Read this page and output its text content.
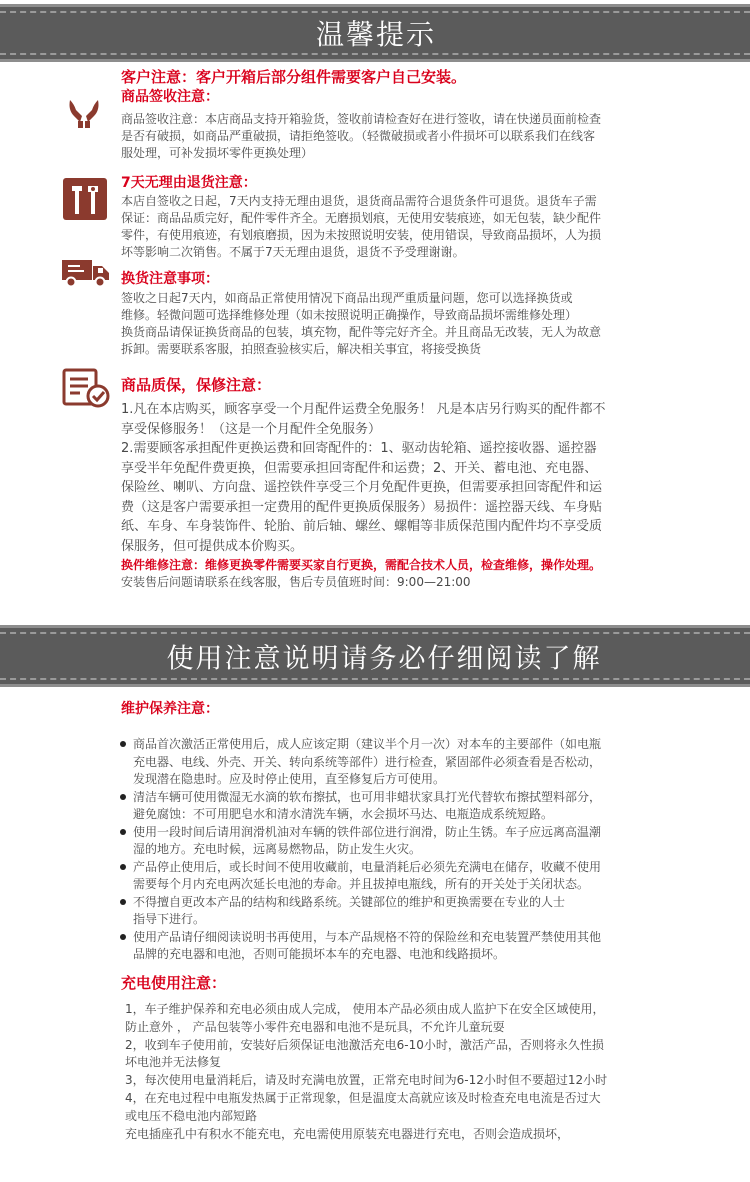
温馨提示
客户注意：客户开箱后部分组件需要客户自己安装。
商品签收注意：
商品签收注意：本店商品支持开箱验货，签收前请检查好在进行签收，请在快递员面前检查
是否有破损，如商品严重破损，请拒绝签收。（轻微破损或者小件损坏可以联系我们在线客
服处理，可补发损坏零件更换处理）
7天无理由退货注意：
本店自签收之日起，7天内支持无理由退货，退货商品需符合退货条件可退货。退货车子需
保证：商品品质完好，配件零件齐全。无磨损划痕，无使用安装痕迹，如无包装，缺少配件
零件，有使用痕迹，有划痕磨损，因为未按照说明安装，使用错误，导致商品损坏，人为损
坏等影响二次销售。不属于7天无理由退货，退货不予受理谢谢。
换货注意事项：
签收之日起7天内，如商品正常使用情况下商品出现严重质量问题，您可以选择换货或
维修。轻微问题可选择维修处理（如未按照说明正确操作，导致商品损坏需维修处理）
换货商品请保证换货商品的包装，填充物，配件等完好齐全。并且商品无改装，无人为故意
拆卸。需要联系客服，拍照查验核实后，解决相关事宜，将接受换货
商品质保，保修注意：
1.凡在本店购买，顾客享受一个月配件运费全免服务！ 凡是本店另行购买的配件都不
享受保修服务！（这是一个月配件全免服务）
2.需要顾客承担配件更换运费和回寄配件的：1、驱动齿轮箱、遥控接收器、遥控器
享受半年免配件费更换，但需要承担回寄配件和运费；2、开关、蓄电池、充电器、
保险丝、喇叭、方向盘、遥控铁件享受三个月免配件更换，但需要承担回寄配件和运
费（这是客户需要承担一定费用的配件更换质保服务）易损件：遥控器天线、车身贴
纸、车身、车身装饰件、轮胎、前后轴、螺丝、螺帽等非质保范围内配件均不享受质
保服务，但可提供成本价购买。
换件维修注意：维修更换零件需要买家自行更换，需配合技术人员，检查维修，操作处理。
安装售后问题请联系在线客服，售后专员值班时间：9:00—21:00
使用注意说明请务必仔细阅读了解
维护保养注意：
商品首次激活正常使用后，成人应该定期（建议半个月一次）对本车的主要部件（如电瓶
充电器、电线、外壳、开关、转向系统等部件）进行检查，紧固部件必须查看是否松动，
发现潜在隐患时。应及时停止使用，直至修复后方可使用。
清洁车辆可使用微湿无水滴的软布擦拭，也可用非蜡状家具打光代替软布擦拭塑料部分，
避免腐蚀：不可用肥皂水和清水清洗车辆，水会损坏马达、电瓶造成系统短路。
使用一段时间后请用润滑机油对车辆的铁件部位进行润滑，防止生锈。车子应远离高温潮
湿的地方。充电时候，远离易燃物品，防止发生火灾。
产品停止使用后，或长时间不使用收藏前，电量消耗后必须先充满电在储存，收藏不使用
需要每个月内充电两次延长电池的寿命。并且拔掉电瓶线，所有的开关处于关闭状态。
不得擅自更改本产品的结构和线路系统。关键部位的维护和更换需要在专业的人士
指导下进行。
使用产品请仔细阅读说明书再使用，与本产品规格不符的保险丝和充电装置严禁使用其他
品牌的充电器和电池，否则可能损坏本车的充电器、电池和线路损坏。
充电使用注意：
1，车子维护保养和充电必须由成人完成， 使用本产品必须由成人监护下在安全区域使用，
防止意外 ， 产品包装等小零件充电器和电池不是玩具，不允许儿童玩耍
2，收到车子使用前，安装好后须保证电池激活充电6-10小时，激活产品，否则将永久性损
坏电池并无法修复
3，每次使用电量消耗后，请及时充满电放置，正常充电时间为6-12小时但不要超过12小时
4，在充电过程中电瓶发热属于正常现象，但是温度太高就应该及时检查充电电流是否过大
或电压不稳电池内部短路
充电插座孔中有积水不能充电，充电需使用原装充电器进行充电，否则会造成损坏，
